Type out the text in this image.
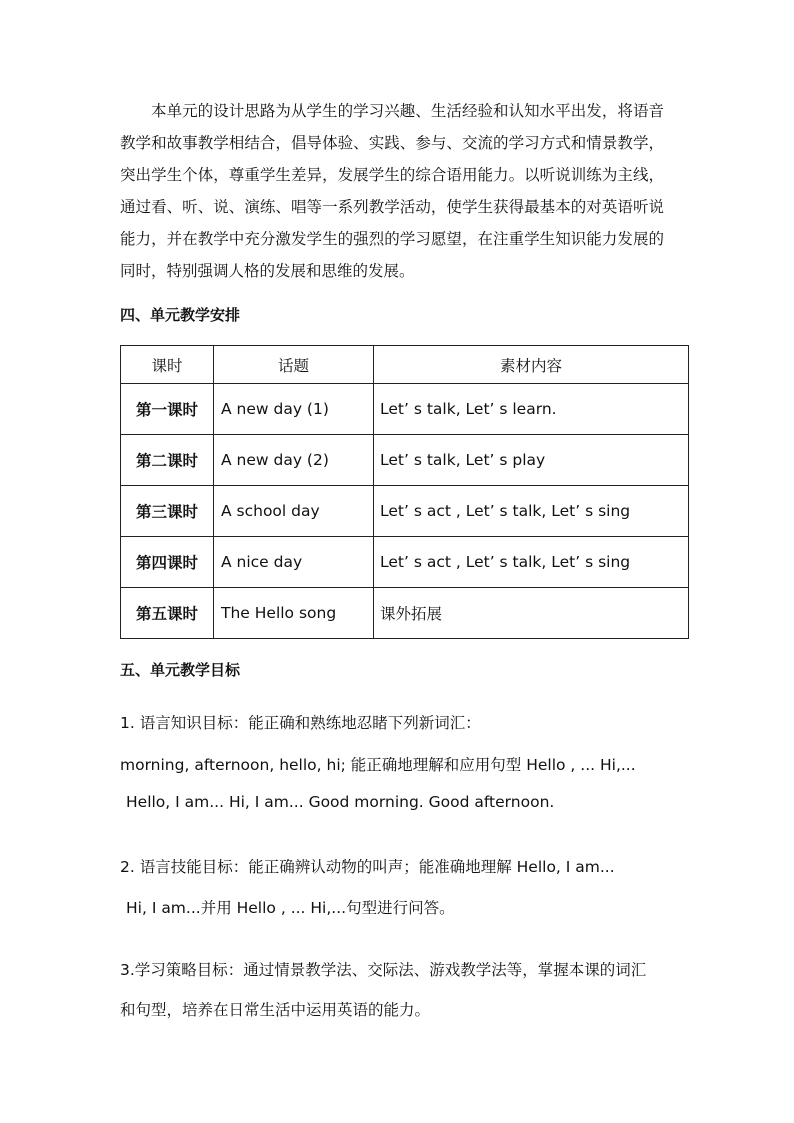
本单元的设计思路为从学生的学习兴趣、生活经验和认知水平出发，将语音教学和故事教学相结合，倡导体验、实践、参与、交流的学习方式和情景教学，突出学生个体，尊重学生差异，发展学生的综合语用能力。以听说训练为主线，通过看、听、说、演练、唱等一系列教学活动，使学生获得最基本的对英语听说能力，并在教学中充分激发学生的强烈的学习愿望，在注重学生知识能力发展的同时，特别强调人格的发展和思维的发展。

四、单元教学安排
课时	话题	素材内容
第一课时	A new day (1)	Let’ s talk, Let’ s learn.
第二课时	A new day (2)	Let’ s talk, Let’ s play
第三课时	A school day	Let’ s act , Let’ s talk, Let’ s sing
第四课时	A nice day	Let’ s act , Let’ s talk, Let’ s sing
第五课时	The Hello song	课外拓展
五、单元教学目标

1. 语言知识目标：能正确和熟练地忍睹下列新词汇：

morning, afternoon, hello, hi; 能正确地理解和应用句型 Hello , ... Hi,...

Hello, I am... Hi, I am... Good morning. Good afternoon.

2. 语言技能目标：能正确辨认动物的叫声；能准确地理解 Hello, I am...

Hi, I am...并用 Hello , ... Hi,...句型进行问答。

3.学习策略目标：通过情景教学法、交际法、游戏教学法等，掌握本课的词汇

和句型，培养在日常生活中运用英语的能力。
